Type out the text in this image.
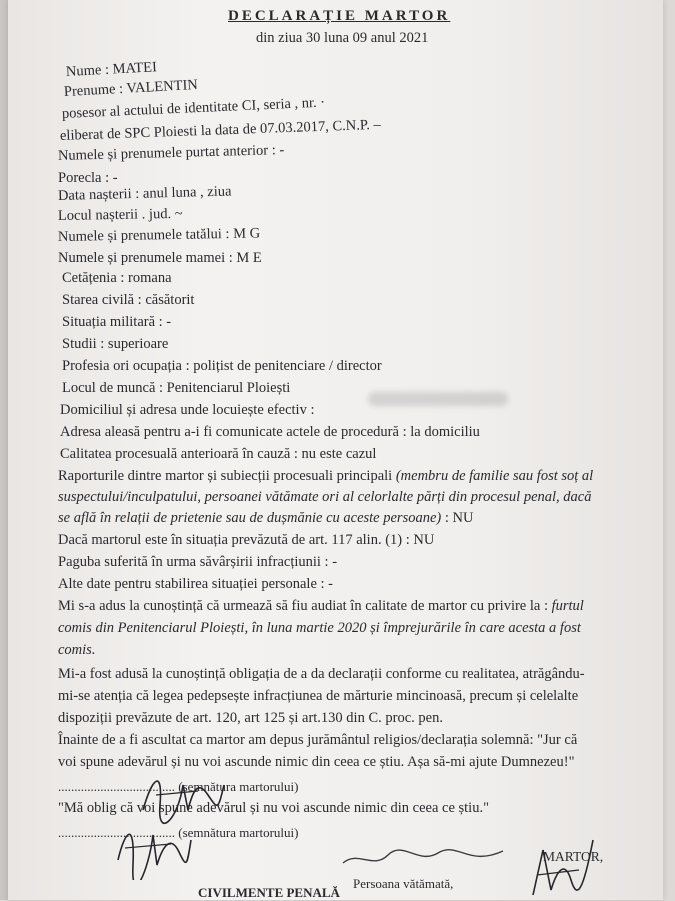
DECLARAȚIE MARTOR
din ziua 30 luna 09 anul 2021
Nume : MATEI
Prenume : VALENTIN
posesor al actului de identitate CI, seria , nr. ·
eliberat de SPC Ploiesti la data de 07.03.2017, C.N.P. –
Numele și prenumele purtat anterior : -
Porecla : -
Data nașterii : anul luna , ziua
Locul nașterii . jud. ~
Numele și prenumele tatălui : M G
Numele și prenumele mamei : M E
Cetățenia : romana
Starea civilă : căsătorit
Situația militară : -
Studii : superioare
Profesia ori ocupația : polițist de penitenciare / director
Locul de muncă : Penitenciarul Ploiești
Domiciliul și adresa unde locuiește efectiv :
Adresa aleasă pentru a-i fi comunicate actele de procedură : la domiciliu
Calitatea procesuală anterioară în cauză : nu este cazul
Raporturile dintre martor și subiecții procesuali principali (membru de familie sau fost soț al
suspectului/inculpatului, persoanei vătămate ori al celorlalte părți din procesul penal, dacă
se află în relații de prietenie sau de dușmănie cu aceste persoane) : NU
Dacă martorul este în situația prevăzută de art. 117 alin. (1) : NU
Paguba suferită în urma săvârșirii infracțiunii : -
Alte date pentru stabilirea situației personale : -
Mi s-a adus la cunoștință că urmează să fiu audiat în calitate de martor cu privire la : furtul
comis din Penitenciarul Ploiești, în luna martie 2020 și împrejurările în care acesta a fost
comis.
Mi-a fost adusă la cunoștință obligația de a da declarații conforme cu realitatea, atrăgându-
mi-se atenția că legea pedepsește infracțiunea de mărturie mincinoasă, precum și celelalte
dispoziții prevăzute de art. 120, art 125 și art.130 din C. proc. pen.
Înainte de a fi ascultat ca martor am depus jurământul religios/declarația solemnă: "Jur că
voi spune adevărul și nu voi ascunde nimic din ceea ce știu. Așa să-mi ajute Dumnezeu!"
.................................... (semnătura martorului)
"Mă oblig că voi spune adevărul și nu voi ascunde nimic din ceea ce știu."
.................................... (semnătura martorului)
Persoana vătămată,
MARTOR,
CIVILMENTE PENALĂ
